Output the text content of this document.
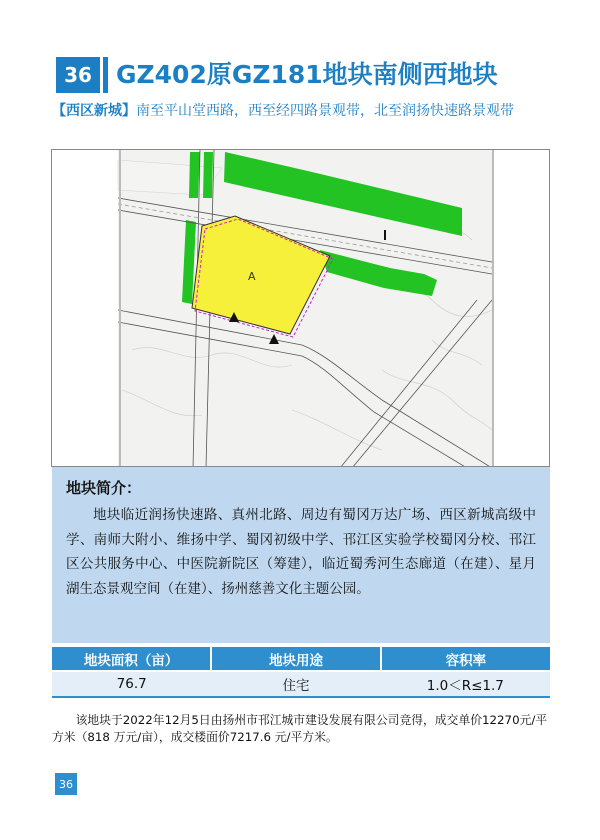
36 GZ402原GZ181地块南侧西地块
【西区新城】南至平山堂西路，西至经四路景观带，北至润扬快速路景观带
A
地块简介：
地块临近润扬快速路、真州北路、周边有蜀冈万达广场、西区新城高级中学、南师大附小、维扬中学、蜀冈初级中学、邗江区实验学校蜀冈分校、邗江区公共服务中心、中医院新院区（筹建），临近蜀秀河生态廊道（在建）、星月湖生态景观空间（在建）、扬州慈善文化主题公园。
地块面积（亩）	地块用途	容积率
76.7	住宅	1.0＜R≤1.7
该地块于2022年12月5日由扬州市邗江城市建设发展有限公司竞得，成交单价12270元/平方米（818 万元/亩），成交楼面价7217.6 元/平方米。
36
